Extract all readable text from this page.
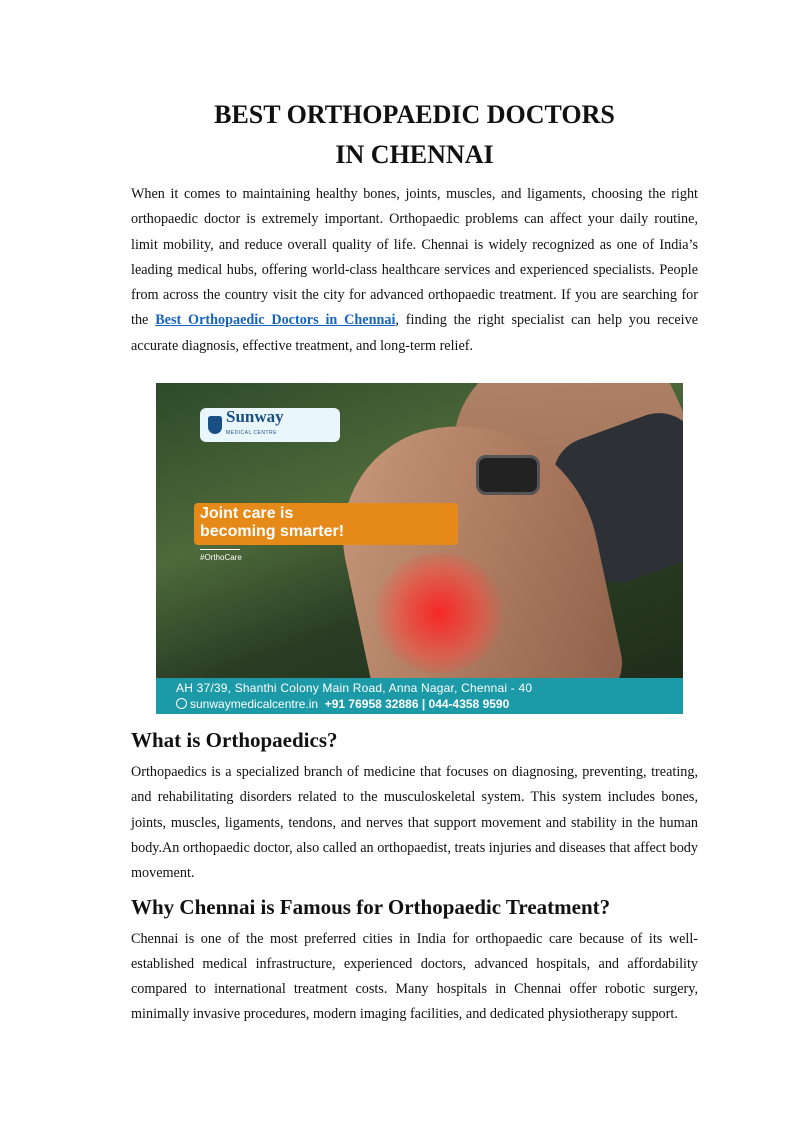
BEST ORTHOPAEDIC DOCTORS
IN CHENNAI

When it comes to maintaining healthy bones, joints, muscles, and ligaments, choosing the right orthopaedic doctor is extremely important. Orthopaedic problems can affect your daily routine, limit mobility, and reduce overall quality of life. Chennai is widely recognized as one of India’s leading medical hubs, offering world-class healthcare services and experienced specialists. People from across the country visit the city for advanced orthopaedic treatment. If you are searching for the Best Orthopaedic Doctors in Chennai, finding the right specialist can help you receive accurate diagnosis, effective treatment, and long-term relief.

Sunway
MEDICAL CENTRE
Joint care is
becoming smarter!
#OrthoCare
AH 37/39, Shanthi Colony Main Road, Anna Nagar, Chennai - 40
sunwaymedicalcentre.in +91 76958 32886 | 044-4358 9590
What is Orthopaedics?

Orthopaedics is a specialized branch of medicine that focuses on diagnosing, preventing, treating, and rehabilitating disorders related to the musculoskeletal system. This system includes bones, joints, muscles, ligaments, tendons, and nerves that support movement and stability in the human body.An orthopaedic doctor, also called an orthopaedist, treats injuries and diseases that affect body movement.

Why Chennai is Famous for Orthopaedic Treatment?

Chennai is one of the most preferred cities in India for orthopaedic care because of its well-established medical infrastructure, experienced doctors, advanced hospitals, and affordability compared to international treatment costs. Many hospitals in Chennai offer robotic surgery, minimally invasive procedures, modern imaging facilities, and dedicated physiotherapy support.
